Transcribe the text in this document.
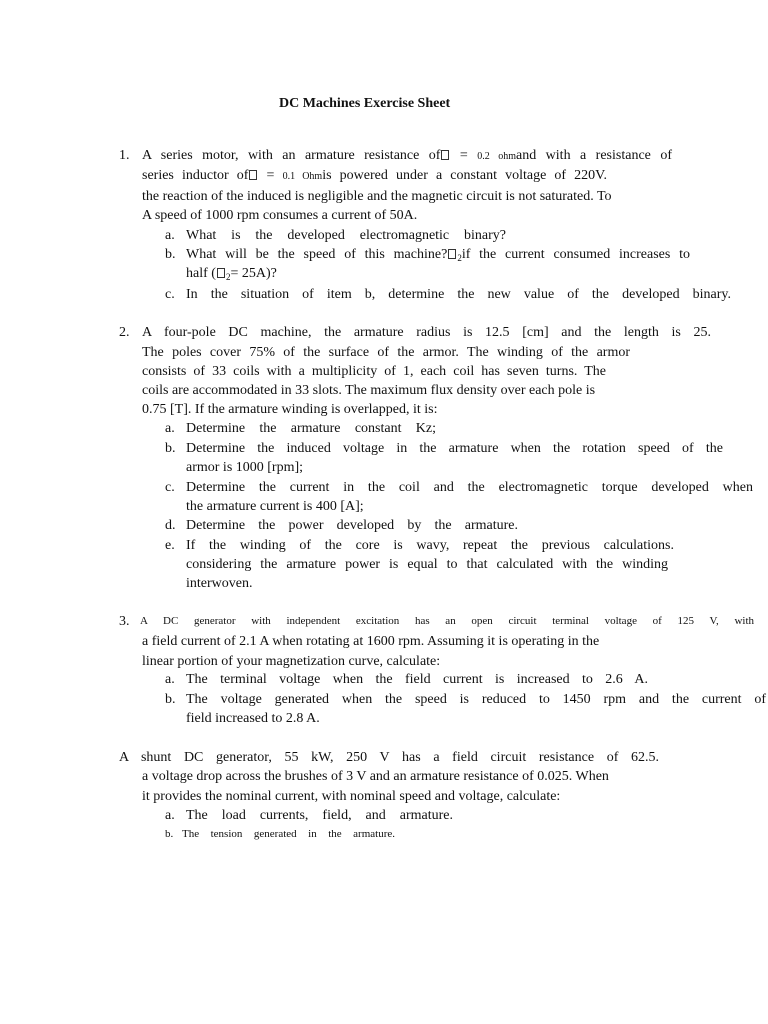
DC Machines Exercise Sheet
1. A series motor, with an armature resistance of = 0.2 ohmand with a resistance of
series inductor of = 0.1 Ohmis powered under a constant voltage of 220V.
the reaction of the induced is negligible and the magnetic circuit is not saturated. To
A speed of 1000 rpm consumes a current of 50A.
a. What is the developed electromagnetic binary?
b. What will be the speed of this machine? $_2$if the current consumed increases to
half ( $_2$= 25A)?
c. In the situation of item b, determine the new value of the developed binary.
2. A four-pole DC machine, the armature radius is 12.5 [cm] and the length is 25.
The poles cover 75% of the surface of the armor. The winding of the armor
consists of 33 coils with a multiplicity of 1, each coil has seven turns. The
coils are accommodated in 33 slots. The maximum flux density over each pole is
0.75 [T]. If the armature winding is overlapped, it is:
a. Determine the armature constant Kz;
b. Determine the induced voltage in the armature when the rotation speed of the
armor is 1000 [rpm];
c. Determine the current in the coil and the electromagnetic torque developed when
the armature current is 400 [A];
d. Determine the power developed by the armature.
e. If the winding of the core is wavy, repeat the previous calculations.
considering the armature power is equal to that calculated with the winding
interwoven.
3. A DC generator with independent excitation has an open circuit terminal voltage of 125 V, with
a field current of 2.1 A when rotating at 1600 rpm. Assuming it is operating in the
linear portion of your magnetization curve, calculate:
a. The terminal voltage when the field current is increased to 2.6 A.
b. The voltage generated when the speed is reduced to 1450 rpm and the current of
field increased to 2.8 A.
A shunt DC generator, 55 kW, 250 V has a field circuit resistance of 62.5.
a voltage drop across the brushes of 3 V and an armature resistance of 0.025. When
it provides the nominal current, with nominal speed and voltage, calculate:
a. The load currents, field, and armature.
b. The tension generated in the armature.
